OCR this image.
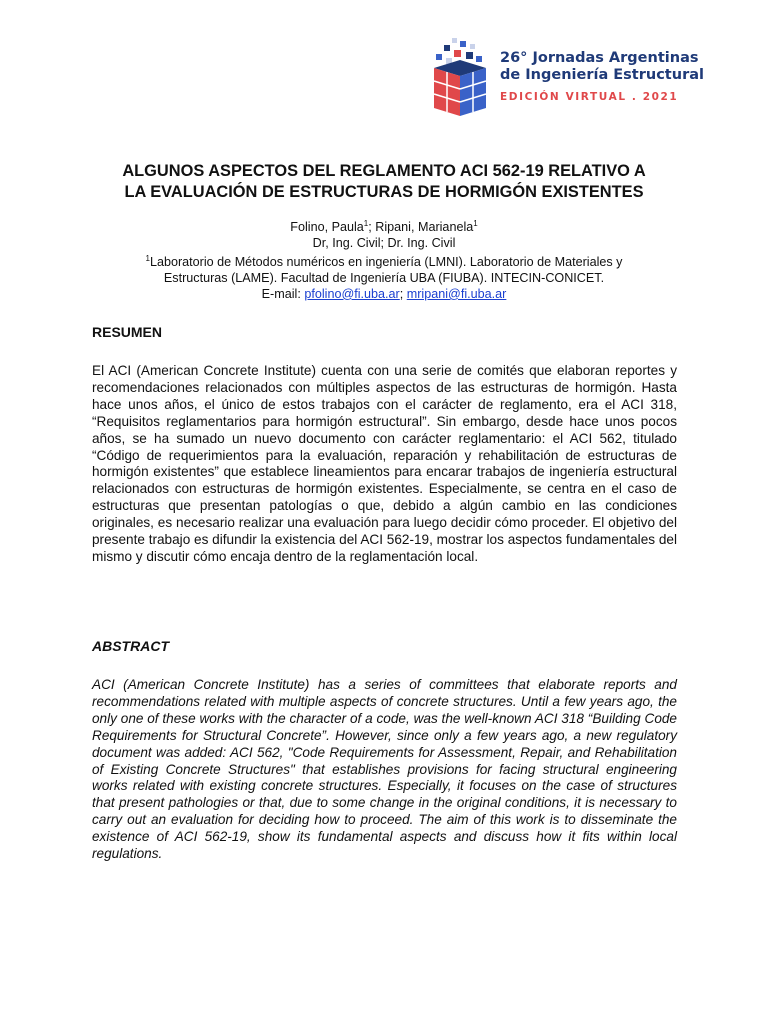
26° Jornadas Argentinas
de Ingeniería Estructural
EDICIÓN VIRTUAL . 2021
ALGUNOS ASPECTOS DEL REGLAMENTO ACI 562-19 RELATIVO A
LA EVALUACIÓN DE ESTRUCTURAS DE HORMIGÓN EXISTENTES
Folino, Paula$^1$; Ripani, Marianela$^1$
Dr, Ing. Civil; Dr. Ing. Civil
$^1$Laboratorio de Métodos numéricos en ingeniería (LMNI). Laboratorio de Materiales y
Estructuras (LAME). Facultad de Ingeniería UBA (FIUBA). INTECIN-CONICET.
E-mail: pfolino@fi.uba.ar; mripani@fi.uba.ar
RESUMEN

El ACI (American Concrete Institute) cuenta con una serie de comités que elaboran reportes y recomendaciones relacionados con múltiples aspectos de las estructuras de hormigón. Hasta hace unos años, el único de estos trabajos con el carácter de reglamento, era el ACI 318, “Requisitos reglamentarios para hormigón estructural”. Sin embargo, desde hace unos pocos años, se ha sumado un nuevo documento con carácter reglamentario: el ACI 562, titulado “Código de requerimientos para la evaluación, reparación y rehabilitación de estructuras de hormigón existentes” que establece lineamientos para encarar trabajos de ingeniería estructural relacionados con estructuras de hormigón existentes. Especialmente, se centra en el caso de estructuras que presentan patologías o que, debido a algún cambio en las condiciones originales, es necesario realizar una evaluación para luego decidir cómo proceder. El objetivo del presente trabajo es difundir la existencia del ACI 562-19, mostrar los aspectos fundamentales del mismo y discutir cómo encaja dentro de la reglamentación local.

ABSTRACT

ACI (American Concrete Institute) has a series of committees that elaborate reports and recommendations related with multiple aspects of concrete structures. Until a few years ago, the only one of these works with the character of a code, was the well-known ACI 318 “Building Code Requirements for Structural Concrete”. However, since only a few years ago, a new regulatory document was added: ACI 562, "Code Requirements for Assessment, Repair, and Rehabilitation of Existing Concrete Structures" that establishes provisions for facing structural engineering works related with existing concrete structures. Especially, it focuses on the case of structures that present pathologies or that, due to some change in the original conditions, it is necessary to carry out an evaluation for deciding how to proceed. The aim of this work is to disseminate the existence of ACI 562-19, show its fundamental aspects and discuss how it fits within local regulations.
